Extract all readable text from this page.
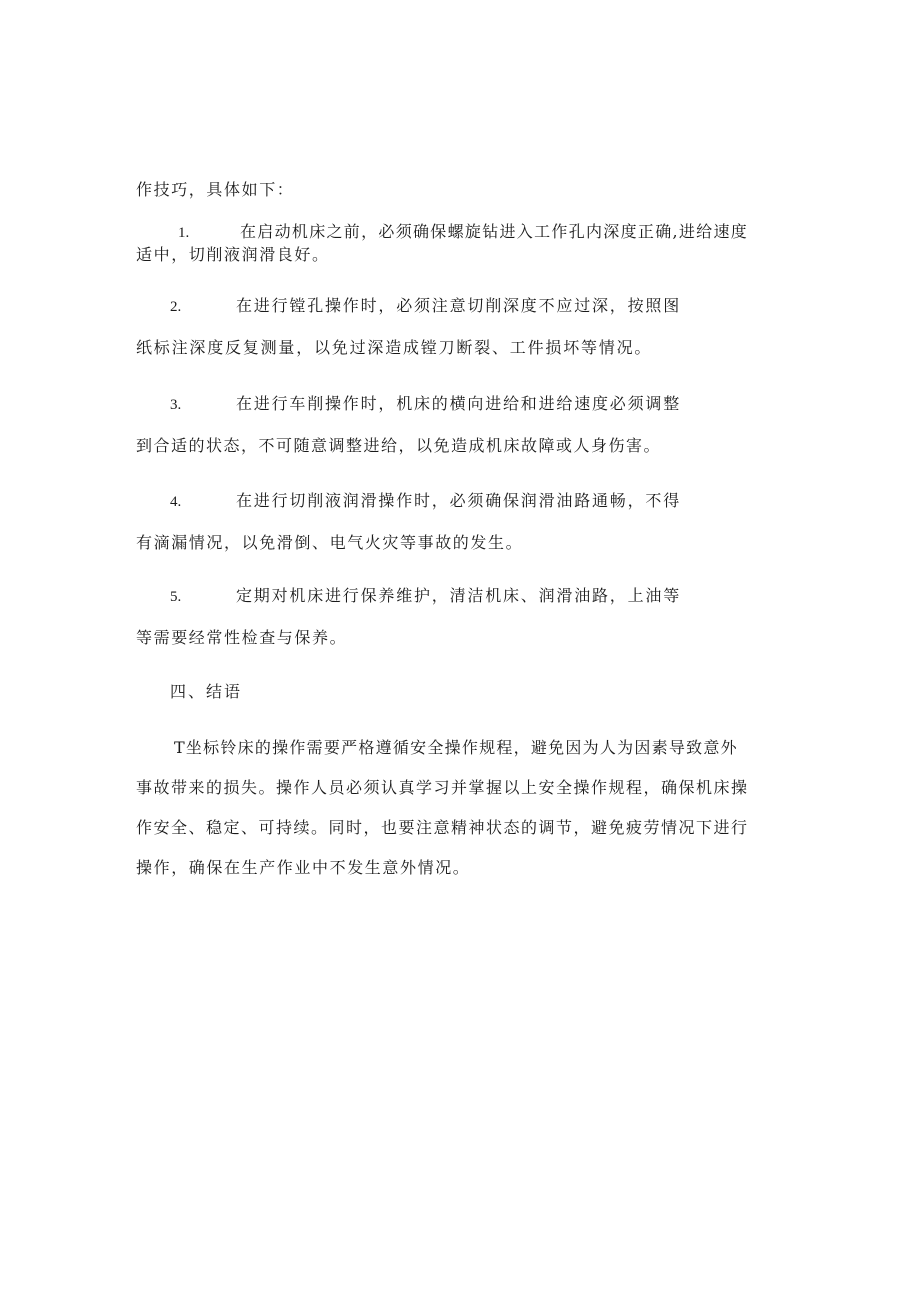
作技巧，具体如下：
1.	在启动机床之前，必须确保螺旋钻进入工作孔内深度正确,进给速度
适中，切削液润滑良好。
2.	在进行镗孔操作时，必须注意切削深度不应过深，按照图
纸标注深度反复测量，以免过深造成镗刀断裂、工件损坏等情况。
3.	在进行车削操作时，机床的横向进给和进给速度必须调整
到合适的状态，不可随意调整进给，以免造成机床故障或人身伤害。
4.	在进行切削液润滑操作时，必须确保润滑油路通畅，不得
有滴漏情况，以免滑倒、电气火灾等事故的发生。
5.	定期对机床进行保养维护，清洁机床、润滑油路，上油等
等需要经常性检查与保养。
四、结语
T坐标铃床的操作需要严格遵循安全操作规程，避免因为人为因素导致意外
事故带来的损失。操作人员必须认真学习并掌握以上安全操作规程，确保机床操
作安全、稳定、可持续。同时，也要注意精神状态的调节，避免疲劳情况下进行
操作，确保在生产作业中不发生意外情况。
